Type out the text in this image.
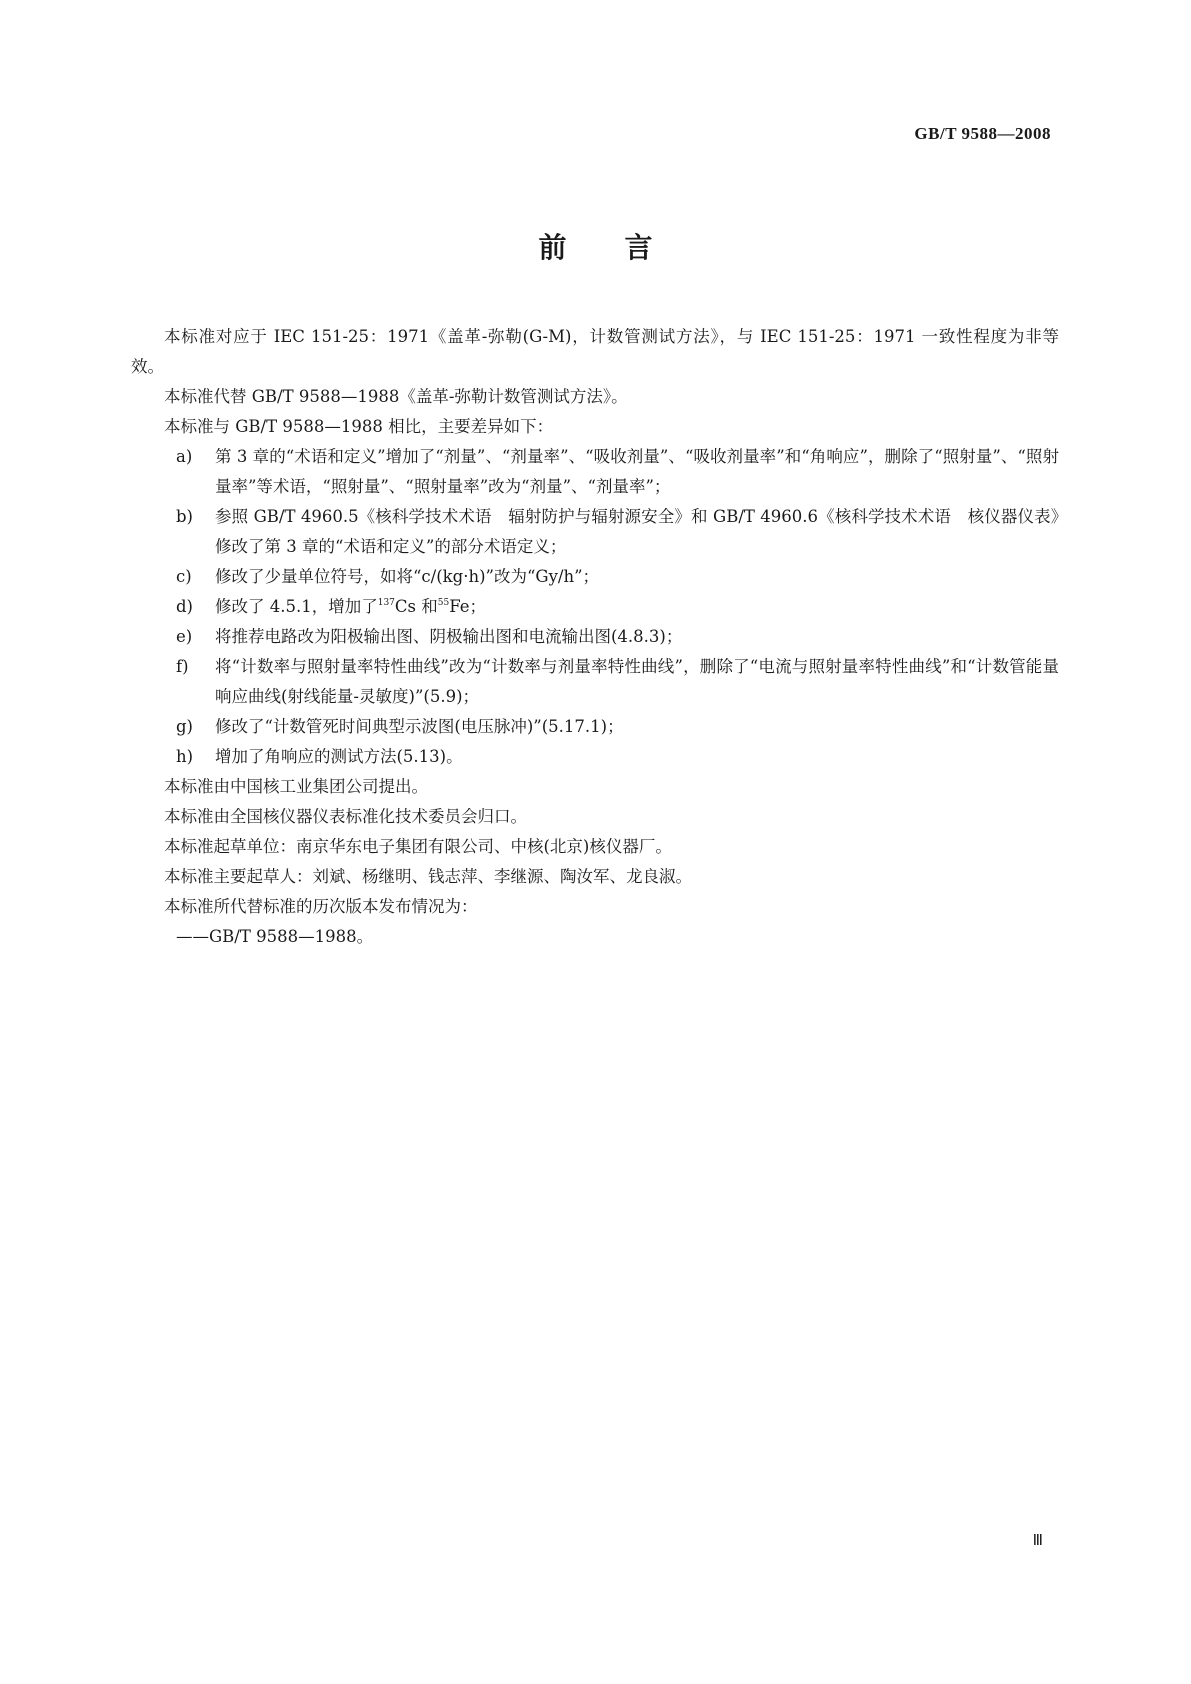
GB/T 9588—2008
前 言

本标准对应于 IEC 151-25：1971《盖革-弥勒(G-M)，计数管测试方法》，与 IEC 151-25：1971 一致性程度为非等效。

本标准代替 GB/T 9588—1988《盖革-弥勒计数管测试方法》。

本标准与 GB/T 9588—1988 相比，主要差异如下：

a) 第 3 章的“术语和定义”增加了“剂量”、“剂量率”、“吸收剂量”、“吸收剂量率”和“角响应”，删除了“照射量”、“照射量率”等术语，“照射量”、“照射量率”改为“剂量”、“剂量率”；

b) 参照 GB/T 4960.5《核科学技术术语　辐射防护与辐射源安全》和 GB/T 4960.6《核科学技术术语　核仪器仪表》修改了第 3 章的“术语和定义”的部分术语定义；

c) 修改了少量单位符号，如将“c/(kg·h)”改为“Gy/h”；

d) 修改了 4.5.1，增加了$^{137}$Cs 和$^{55}$Fe；

e) 将推荐电路改为阳极输出图、阴极输出图和电流输出图(4.8.3)；

f) 将“计数率与照射量率特性曲线”改为“计数率与剂量率特性曲线”，删除了“电流与照射量率特性曲线”和“计数管能量响应曲线(射线能量-灵敏度)”(5.9)；

g) 修改了“计数管死时间典型示波图(电压脉冲)”(5.17.1)；

h) 增加了角响应的测试方法(5.13)。

本标准由中国核工业集团公司提出。

本标准由全国核仪器仪表标准化技术委员会归口。

本标准起草单位：南京华东电子集团有限公司、中核(北京)核仪器厂。

本标准主要起草人：刘斌、杨继明、钱志萍、李继源、陶汝军、龙良淑。

本标准所代替标准的历次版本发布情况为：

——GB/T 9588—1988。

Ⅲ
